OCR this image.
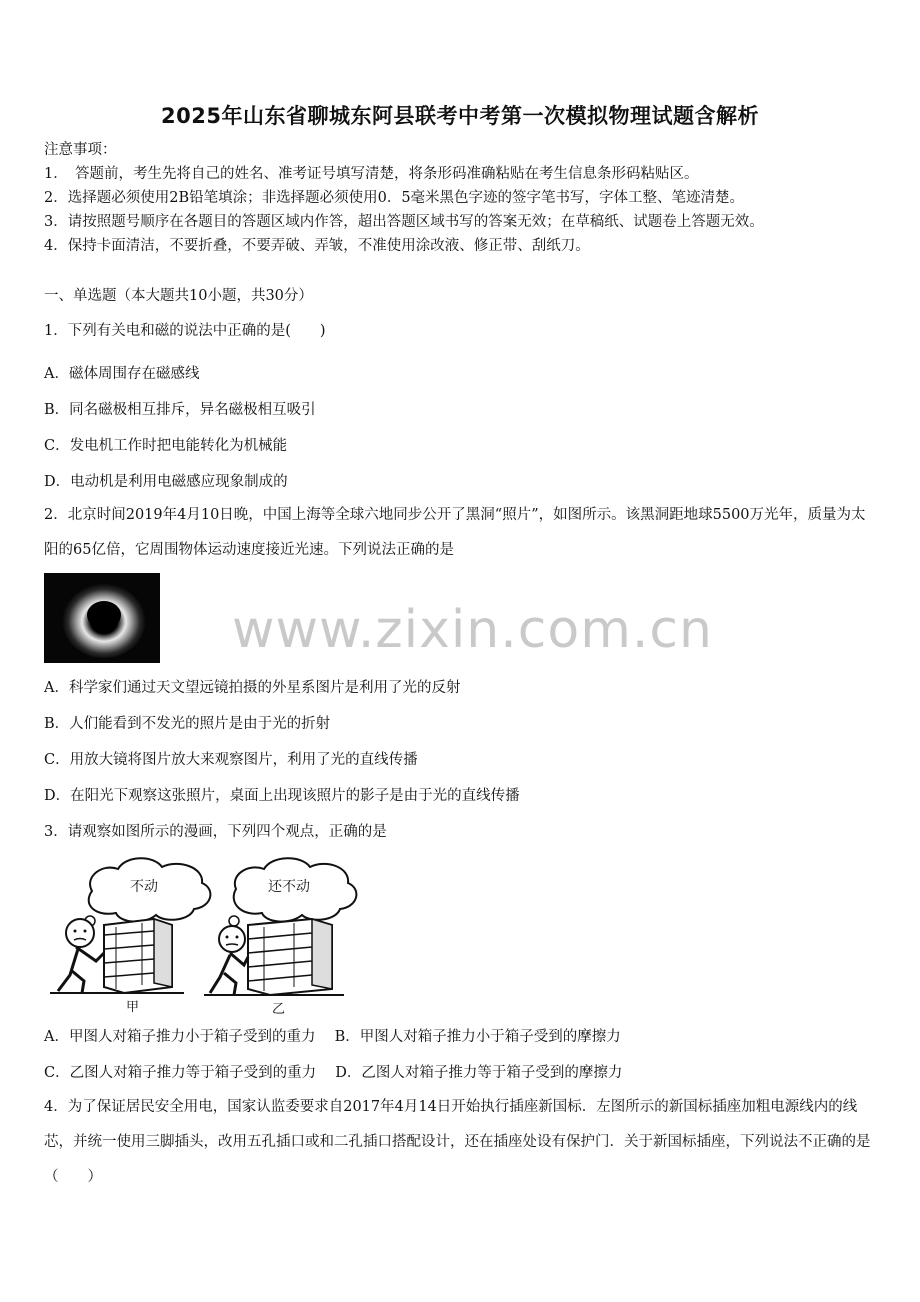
2025年山东省聊城东阿县联考中考第一次模拟物理试题含解析
注意事项：
1．　答题前，考生先将自己的姓名、准考证号填写清楚，将条形码准确粘贴在考生信息条形码粘贴区。
2．选择题必须使用2B铅笔填涂；非选择题必须使用0．5毫米黑色字迹的签字笔书写，字体工整、笔迹清楚。
3．请按照题号顺序在各题目的答题区域内作答，超出答题区域书写的答案无效；在草稿纸、试题卷上答题无效。
4．保持卡面清洁，不要折叠，不要弄破、弄皱，不准使用涂改液、修正带、刮纸刀。
一、单选题（本大题共10小题，共30分）
1．下列有关电和磁的说法中正确的是(　　)
A．磁体周围存在磁感线
B．同名磁极相互排斥，异名磁极相互吸引
C．发电机工作时把电能转化为机械能
D．电动机是利用电磁感应现象制成的
2．北京时间2019年4月10日晚，中国上海等全球六地同步公开了黑洞“照片”，如图所示。该黑洞距地球5500万光年，质量为太阳的65亿倍，它周围物体运动速度接近光速。下列说法正确的是
www.zixin.com.cn
A．科学家们通过天文望远镜拍摄的外星系图片是利用了光的反射
B．人们能看到不发光的照片是由于光的折射
C．用放大镜将图片放大来观察图片，利用了光的直线传播
D．在阳光下观察这张照片，桌面上出现该照片的影子是由于光的直线传播
3．请观察如图所示的漫画，下列四个观点，正确的是
不动	还不动
甲	乙
A．甲图人对箱子推力小于箱子受到的重力　 B．甲图人对箱子推力小于箱子受到的摩擦力
C．乙图人对箱子推力等于箱子受到的重力　 D．乙图人对箱子推力等于箱子受到的摩擦力
4．为了保证居民安全用电，国家认监委要求自2017年4月14日开始执行插座新国标．左图所示的新国标插座加粗电源线内的线芯，并统一使用三脚插头，改用五孔插口或和二孔插口搭配设计，还在插座处设有保护门．关于新国标插座，下列说法不正确的是（　　）
